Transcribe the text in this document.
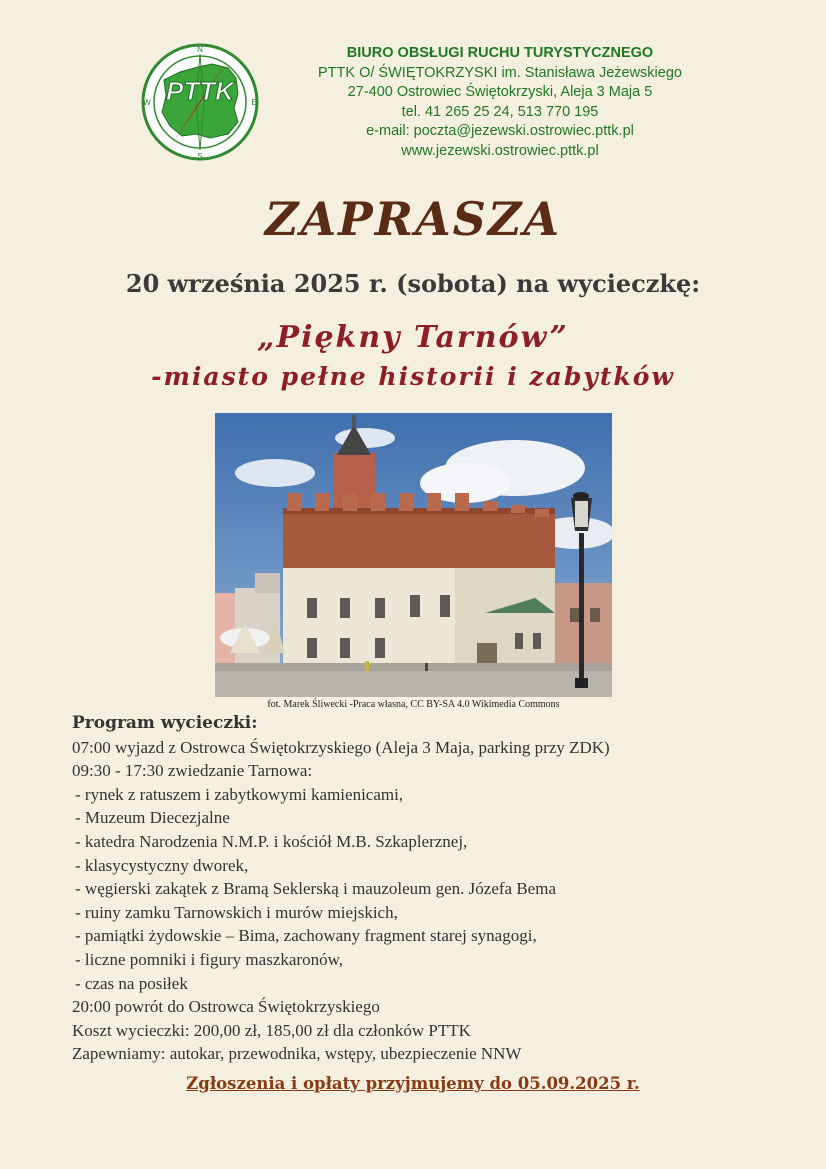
PTTK
N
S
E
W
BIURO OBSŁUGI RUCHU TURYSTYCZNEGO
PTTK O/ ŚWIĘTOKRZYSKI im. Stanisława Jeżewskiego
27-400 Ostrowiec Świętokrzyski, Aleja 3 Maja 5
tel. 41 265 25 24, 513 770 195
e-mail: poczta@jezewski.ostrowiec.pttk.pl
www.jezewski.ostrowiec.pttk.pl
ZAPRASZA
20 września 2025 r. (sobota) na wycieczkę:
„Piękny Tarnów”
-miasto pełne historii i zabytków
fot. Marek Śliwecki -Praca własna, CC BY-SA 4.0 Wikimedia Commons
Program wycieczki:
07:00 wyjazd z Ostrowca Świętokrzyskiego (Aleja 3 Maja, parking przy ZDK)
09:30 - 17:30 zwiedzanie Tarnowa:
- rynek z ratuszem i zabytkowymi kamienicami,
- Muzeum Diecezjalne
- katedra Narodzenia N.M.P. i kościół M.B. Szkaplerznej,
- klasycystyczny dworek,
- węgierski zakątek z Bramą Seklerską i mauzoleum gen. Józefa Bema
- ruiny zamku Tarnowskich i murów miejskich,
- pamiątki żydowskie – Bima, zachowany fragment starej synagogi,
- liczne pomniki i figury maszkaronów,
- czas na posiłek
20:00 powrót do Ostrowca Świętokrzyskiego
Koszt wycieczki: 200,00 zł, 185,00 zł dla członków PTTK
Zapewniamy: autokar, przewodnika, wstępy, ubezpieczenie NNW
Zgłoszenia i opłaty przyjmujemy do 05.09.2025 r.
